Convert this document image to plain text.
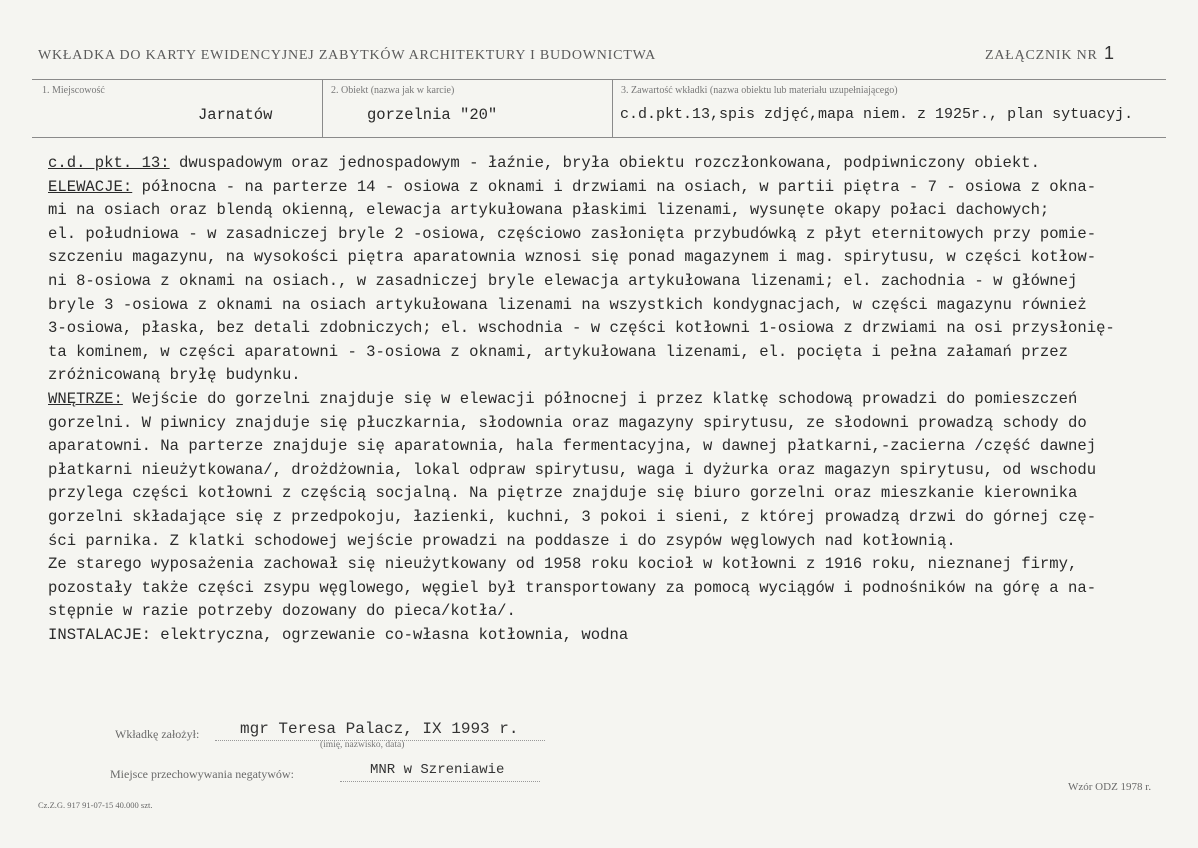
WKŁADKA DO KARTY EWIDENCYJNEJ ZABYTKÓW ARCHITEKTURY I BUDOWNICTWA	ZAŁĄCZNIK NR 1
1. Miejscowość
Jarnatów
2. Obiekt (nazwa jak w karcie)
gorzelnia "20"
3. Zawartość wkładki (nazwa obiektu lub materiału uzupełniającego)
c.d.pkt.13,spis zdjęć,mapa niem. z 1925r., plan sytuacyj.
c.d. pkt. 13: dwuspadowym oraz jednospadowym - łaźnie, bryła obiektu rozczłonkowana, podpiwniczony obiekt.
ELEWACJE: północna - na parterze 14 - osiowa z oknami i drzwiami na osiach, w partii piętra - 7 - osiowa z okna-
mi na osiach oraz blendą okienną, elewacja artykułowana płaskimi lizenami, wysunęte okapy połaci dachowych;
el. południowa - w zasadniczej bryle 2 -osiowa, częściowo zasłonięta przybudówką z płyt eternitowych przy pomie-
szczeniu magazynu, na wysokości piętra aparatownia wznosi się ponad magazynem i mag. spirytusu, w części kotłow-
ni 8-osiowa z oknami na osiach., w zasadniczej bryle elewacja artykułowana lizenami; el. zachodnia - w głównej
bryle 3 -osiowa z oknami na osiach artykułowana lizenami na wszystkich kondygnacjach, w części magazynu również
3-osiowa, płaska, bez detali zdobniczych; el. wschodnia - w części kotłowni 1-osiowa z drzwiami na osi przysłonię-
ta kominem, w części aparatowni - 3-osiowa z oknami, artykułowana lizenami, el. pocięta i pełna załamań przez
zróżnicowaną bryłę budynku.
WNĘTRZE: Wejście do gorzelni znajduje się w elewacji północnej i przez klatkę schodową prowadzi do pomieszczeń
gorzelni. W piwnicy znajduje się płuczkarnia, słodownia oraz magazyny spirytusu, ze słodowni prowadzą schody do
aparatowni. Na parterze znajduje się aparatownia, hala fermentacyjna, w dawnej płatkarni,-zacierna /część dawnej
płatkarni nieużytkowana/, drożdżownia, lokal odpraw spirytusu, waga i dyżurka oraz magazyn spirytusu, od wschodu
przylega części kotłowni z częścią socjalną. Na piętrze znajduje się biuro gorzelni oraz mieszkanie kierownika
gorzelni składające się z przedpokoju, łazienki, kuchni, 3 pokoi i sieni, z której prowadzą drzwi do górnej czę-
ści parnika. Z klatki schodowej wejście prowadzi na poddasze i do zsypów węglowych nad kotłownią.
Ze starego wyposażenia zachował się nieużytkowany od 1958 roku kocioł w kotłowni z 1916 roku, nieznanej firmy,
pozostały także części zsypu węglowego, węgiel był transportowany za pomocą wyciągów i podnośników na górę a na-
stępnie w razie potrzeby dozowany do pieca/kotła/.
INSTALACJE: elektryczna, ogrzewanie co-własna kotłownia, wodna
Wkładkę założył:	mgr Teresa Palacz, IX 1993 r.
(imię, nazwisko, data)
Miejsce przechowywania negatywów:	MNR w Szreniawie
Cz.Z.G. 917 91-07-15 40.000 szt.
Wzór ODZ 1978 r.
